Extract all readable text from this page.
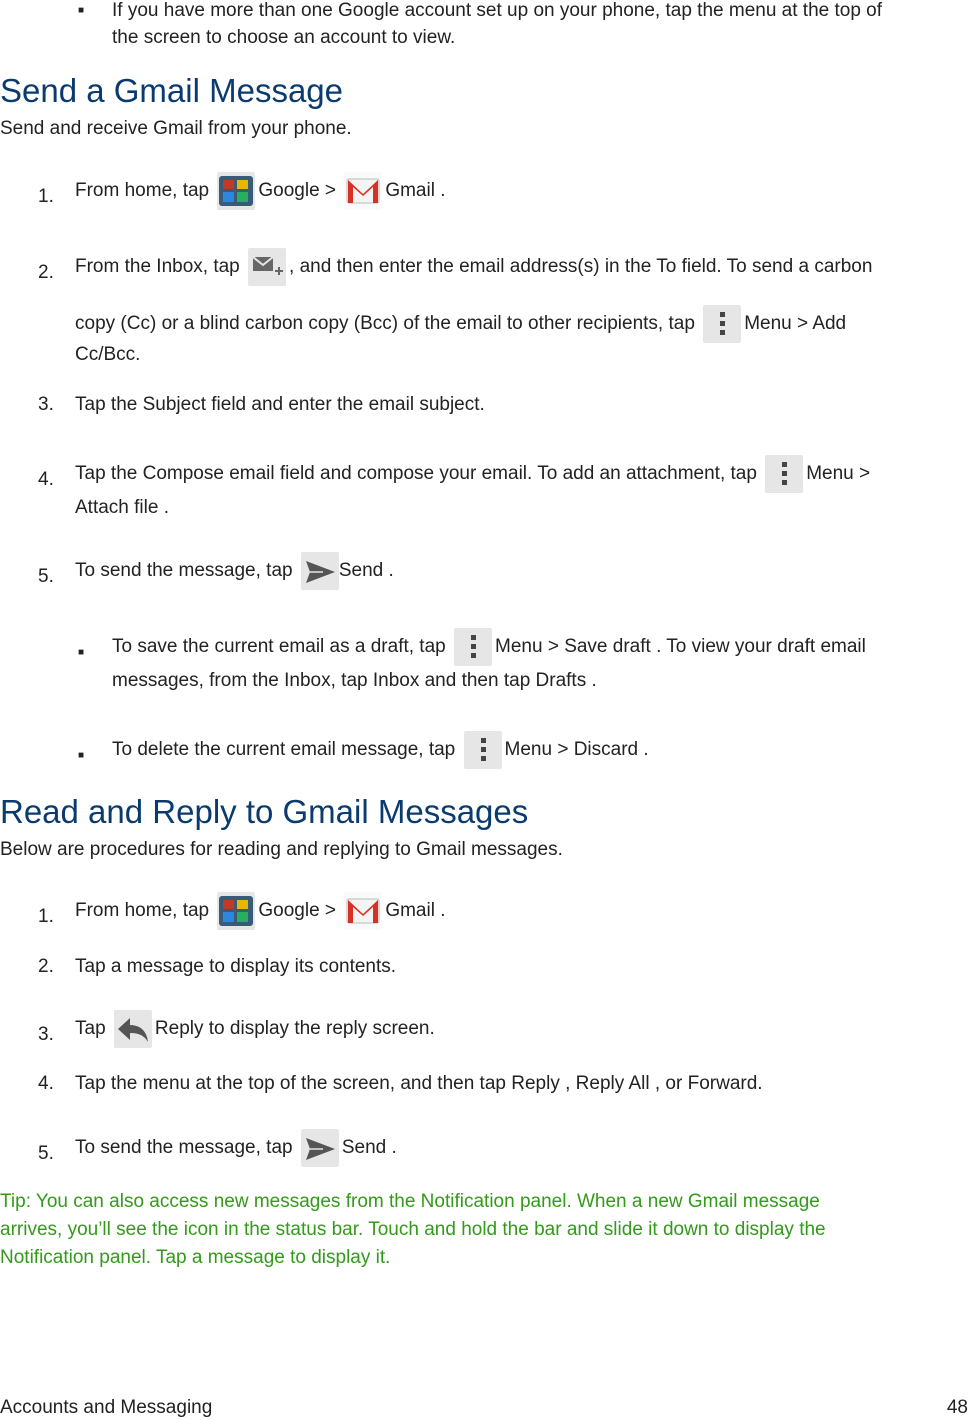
■ If you have more than one Google account set up on your phone, tap the menu at the top of
the screen to choose an account to view.
Send a Gmail Message
Send and receive Gmail from your phone.
1.	From home, tap	Google >	Gmail .
2.	From the Inbox, tap	, and then enter the email address(s) in the To field. To send a carbon
copy (Cc) or a blind carbon copy (Bcc) of the email to other recipients, tap	Menu > Add
Cc/Bcc.
3.	Tap the Subject field and enter the email subject.
4.	Tap the Compose email field and compose your email. To add an attachment, tap	Menu >
Attach file .
5.	To send the message, tap Send .
■ To save the current email as a draft, tap	Menu > Save draft . To view your draft email
messages, from the Inbox, tap Inbox and then tap Drafts .
■ To delete the current email message, tap	Menu > Discard .
Read and Reply to Gmail Messages
Below are procedures for reading and replying to Gmail messages.
1.	From home, tap	Google >	Gmail .
2.	Tap a message to display its contents.
3.	Tap	Reply to display the reply screen.
4.	Tap the menu at the top of the screen, and then tap Reply , Reply All , or Forward.
5.	To send the message, tap	Send .
Tip: You can also access new messages from the Notification panel. When a new Gmail message
arrives, you’ll see the icon in the status bar. Touch and hold the bar and slide it down to display the
Notification panel. Tap a message to display it.
Accounts and Messaging	48
